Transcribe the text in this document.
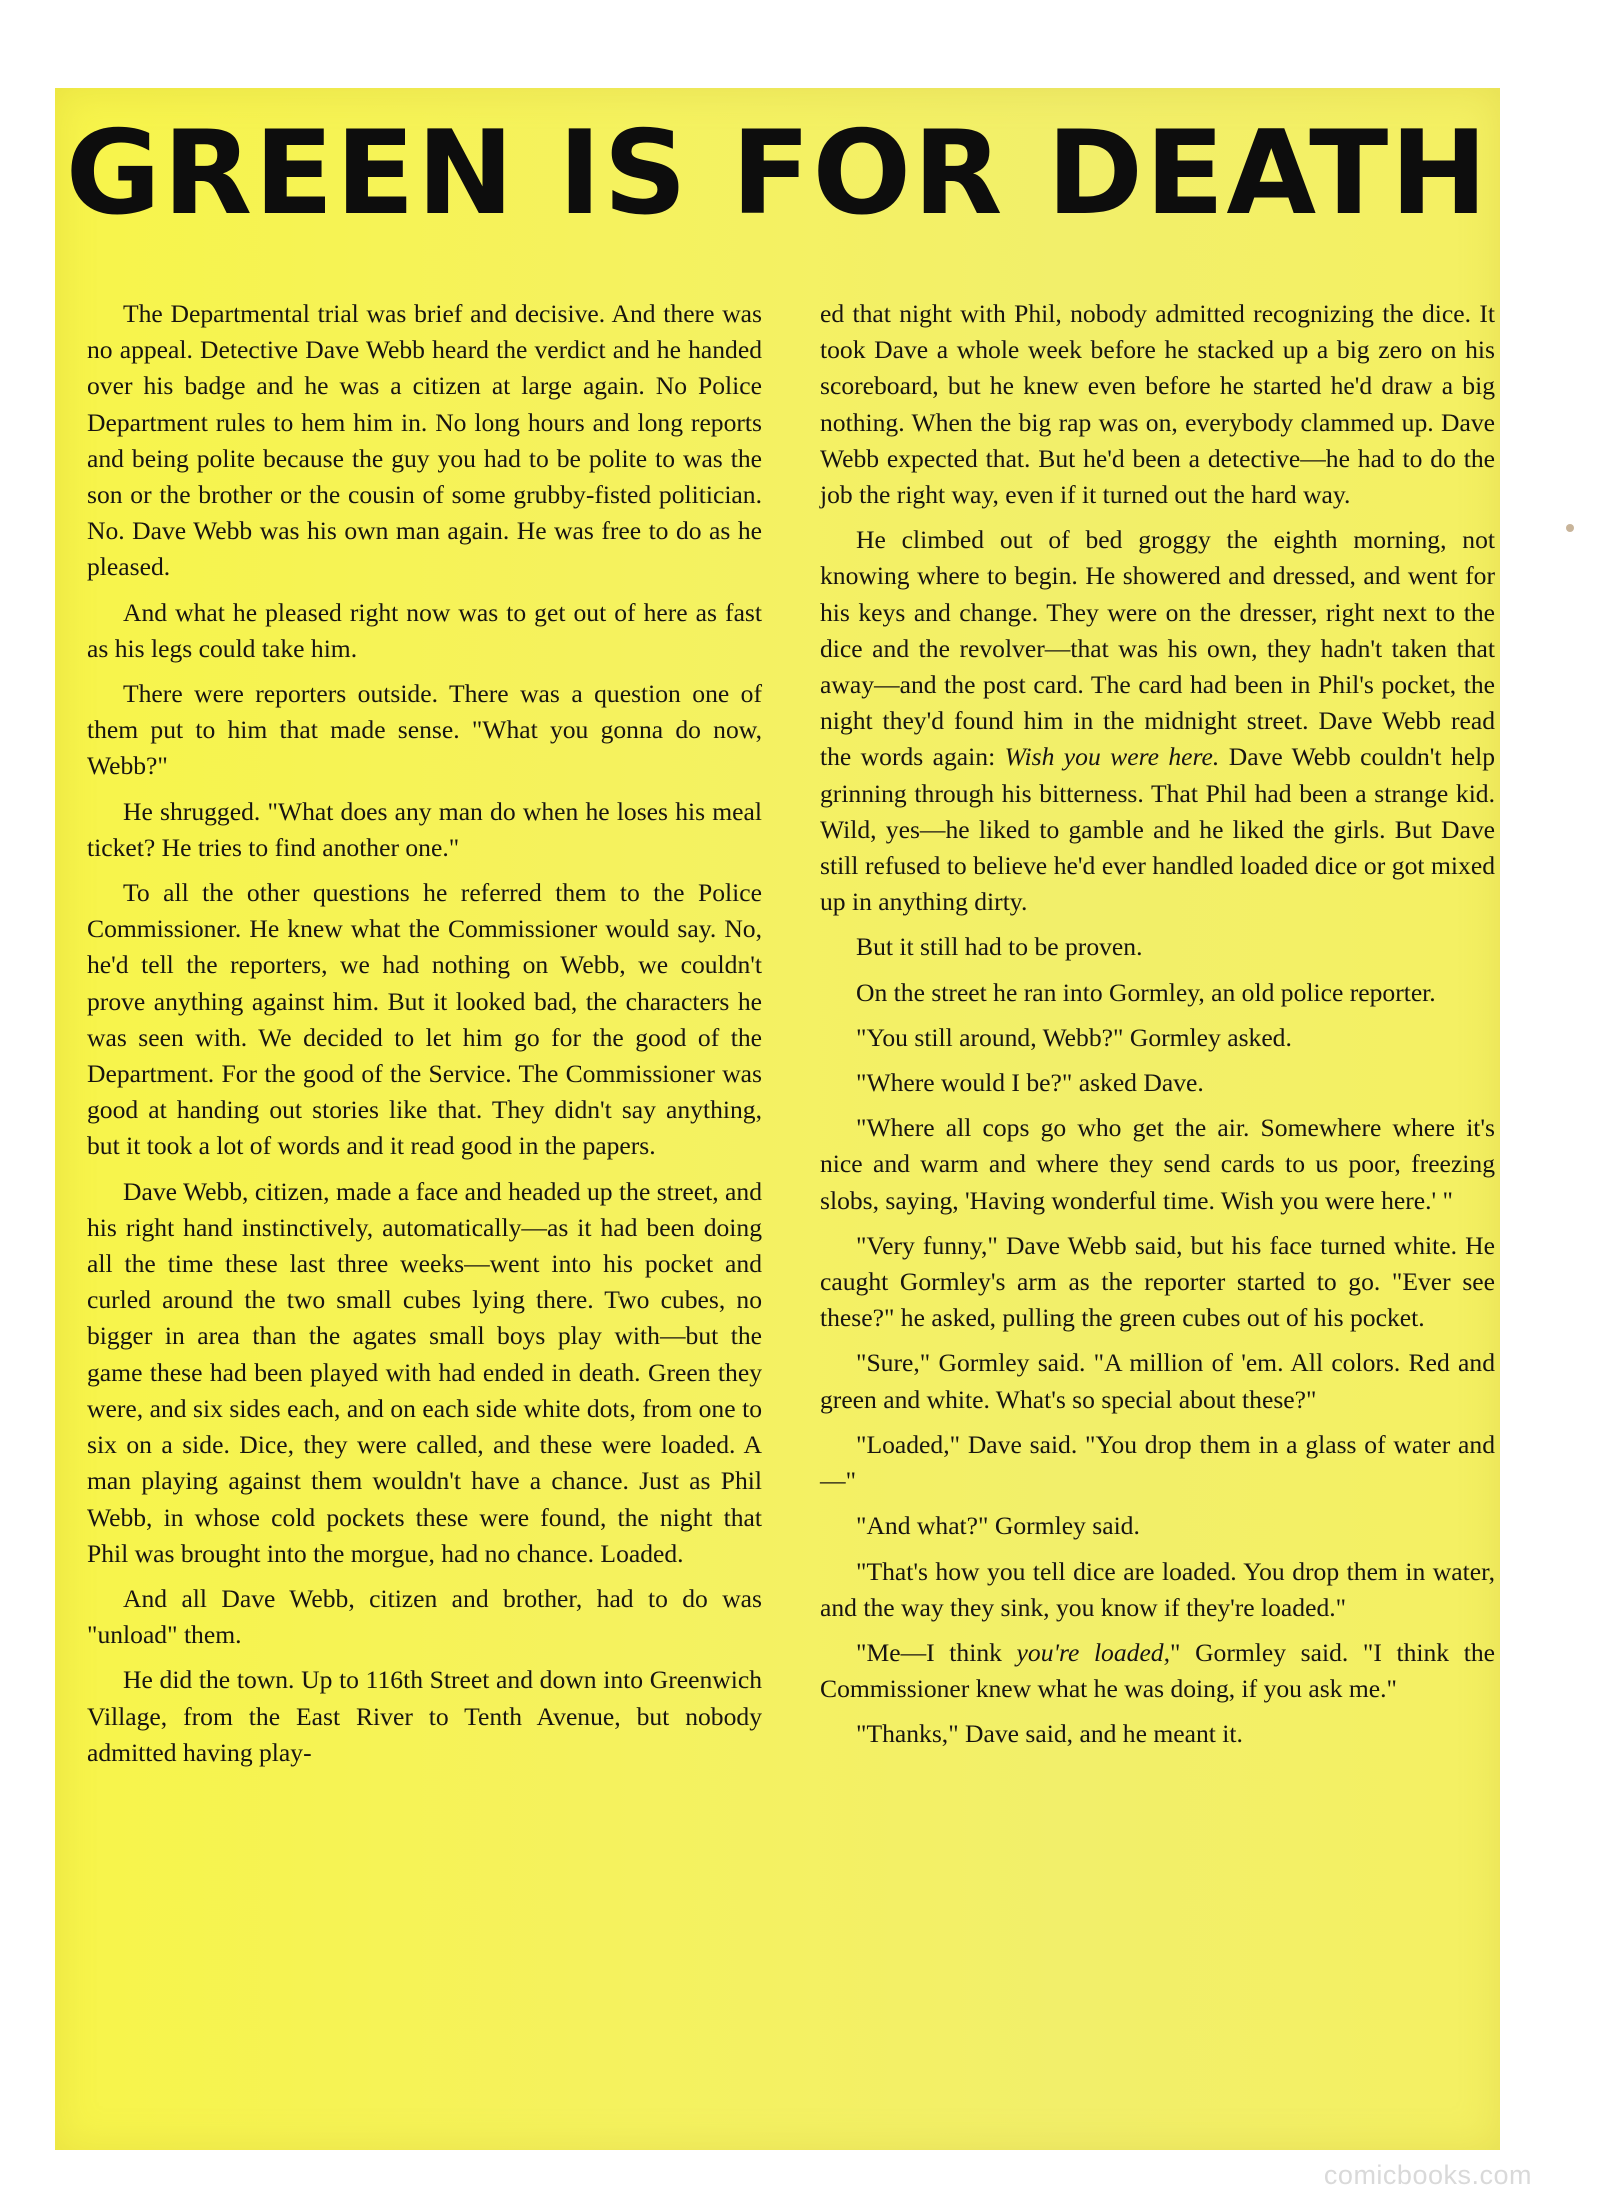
GREEN IS FOR DEATH

The Departmental trial was brief and decisive. And there was no appeal. Detective Dave Webb heard the verdict and he handed over his badge and he was a citizen at large again. No Police Department rules to hem him in. No long hours and long reports and being polite because the guy you had to be polite to was the son or the brother or the cousin of some grubby-fisted politician. No. Dave Webb was his own man again. He was free to do as he pleased.

And what he pleased right now was to get out of here as fast as his legs could take him.

There were reporters outside. There was a question one of them put to him that made sense. "What you gonna do now, Webb?"

He shrugged. "What does any man do when he loses his meal ticket? He tries to find another one."

To all the other questions he referred them to the Police Commissioner. He knew what the Commissioner would say. No, he'd tell the reporters, we had nothing on Webb, we couldn't prove anything against him. But it looked bad, the characters he was seen with. We decided to let him go for the good of the Department. For the good of the Service. The Commissioner was good at handing out stories like that. They didn't say anything, but it took a lot of words and it read good in the papers.

Dave Webb, citizen, made a face and headed up the street, and his right hand instinctively, automatically—as it had been doing all the time these last three weeks—went into his pocket and curled around the two small cubes lying there. Two cubes, no bigger in area than the agates small boys play with—but the game these had been played with had ended in death. Green they were, and six sides each, and on each side white dots, from one to six on a side. Dice, they were called, and these were loaded. A man playing against them wouldn't have a chance. Just as Phil Webb, in whose cold pockets these were found, the night that Phil was brought into the morgue, had no chance. Loaded.

And all Dave Webb, citizen and brother, had to do was "unload" them.

He did the town. Up to 116th Street and down into Greenwich Village, from the East River to Tenth Avenue, but nobody admitted having play-

ed that night with Phil, nobody admitted recognizing the dice. It took Dave a whole week before he stacked up a big zero on his scoreboard, but he knew even before he started he'd draw a big nothing. When the big rap was on, everybody clammed up. Dave Webb expected that. But he'd been a detective—he had to do the job the right way, even if it turned out the hard way.

He climbed out of bed groggy the eighth morning, not knowing where to begin. He showered and dressed, and went for his keys and change. They were on the dresser, right next to the dice and the revolver—that was his own, they hadn't taken that away—and the post card. The card had been in Phil's pocket, the night they'd found him in the midnight street. Dave Webb read the words again: Wish you were here. Dave Webb couldn't help grinning through his bitterness. That Phil had been a strange kid. Wild, yes—he liked to gamble and he liked the girls. But Dave still refused to believe he'd ever handled loaded dice or got mixed up in anything dirty.

But it still had to be proven.

On the street he ran into Gormley, an old police reporter.

"You still around, Webb?" Gormley asked.

"Where would I be?" asked Dave.

"Where all cops go who get the air. Somewhere where it's nice and warm and where they send cards to us poor, freezing slobs, saying, 'Having wonderful time. Wish you were here.' "

"Very funny," Dave Webb said, but his face turned white. He caught Gormley's arm as the reporter started to go. "Ever see these?" he asked, pulling the green cubes out of his pocket.

"Sure," Gormley said. "A million of 'em. All colors. Red and green and white. What's so special about these?"

"Loaded," Dave said. "You drop them in a glass of water and—"

"And what?" Gormley said.

"That's how you tell dice are loaded. You drop them in water, and the way they sink, you know if they're loaded."

"Me—I think you're loaded," Gormley said. "I think the Commissioner knew what he was doing, if you ask me."

"Thanks," Dave said, and he meant it.

comicbooks.com
